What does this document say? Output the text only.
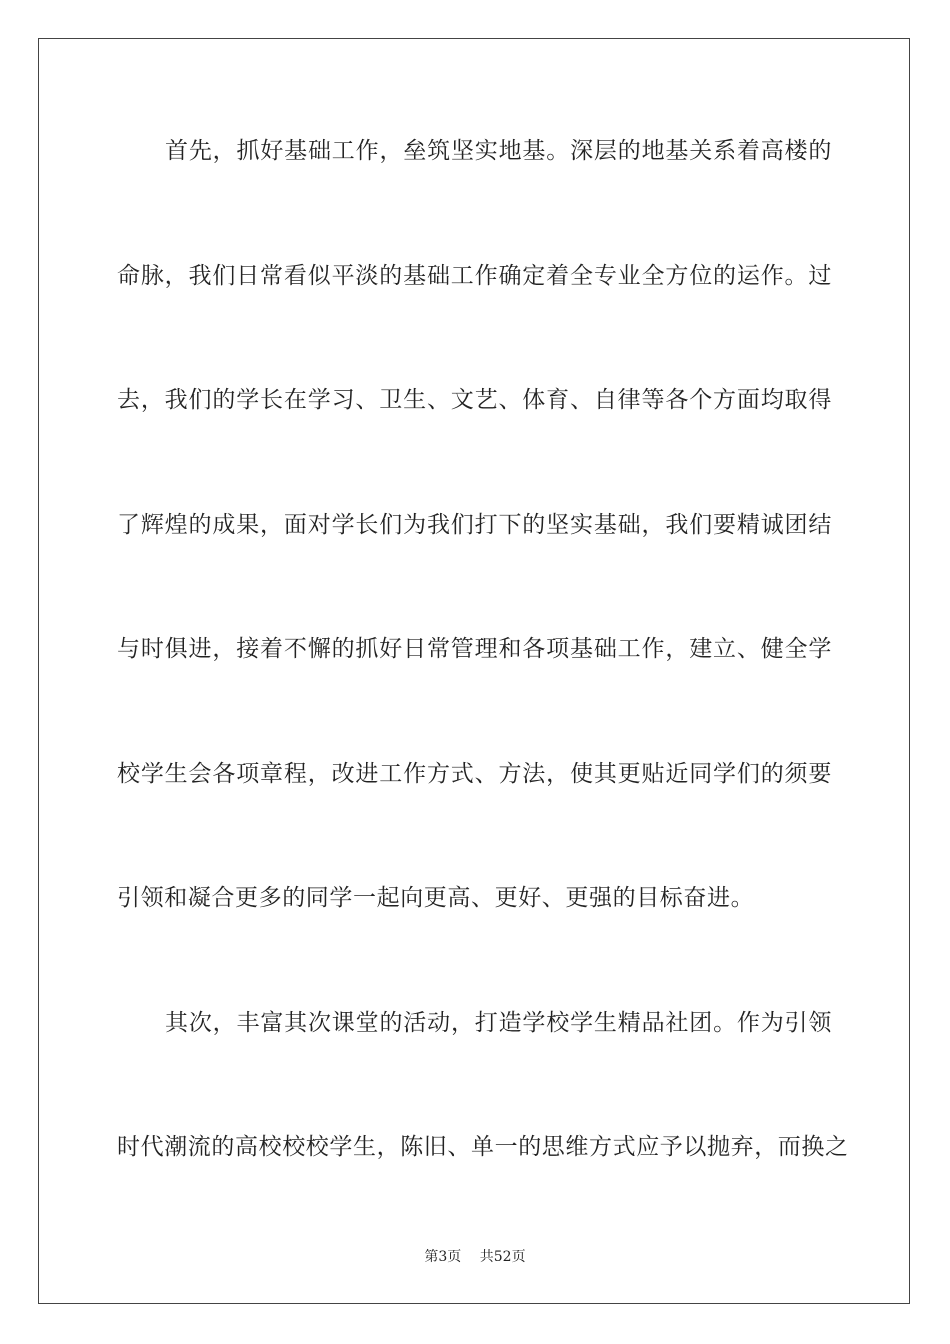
首先，抓好基础工作，垒筑坚实地基。深层的地基关系着高楼的
命脉，我们日常看似平淡的基础工作确定着全专业全方位的运作。过
去，我们的学长在学习、卫生、文艺、体育、自律等各个方面均取得
了辉煌的成果，面对学长们为我们打下的坚实基础，我们要精诚团结
与时俱进，接着不懈的抓好日常管理和各项基础工作，建立、健全学
校学生会各项章程，改进工作方式、方法，使其更贴近同学们的须要
引领和凝合更多的同学一起向更高、更好、更强的目标奋进。
其次，丰富其次课堂的活动，打造学校学生精品社团。作为引领
时代潮流的高校校校学生，陈旧、单一的思维方式应予以抛弃，而换之
第3页 共52页
